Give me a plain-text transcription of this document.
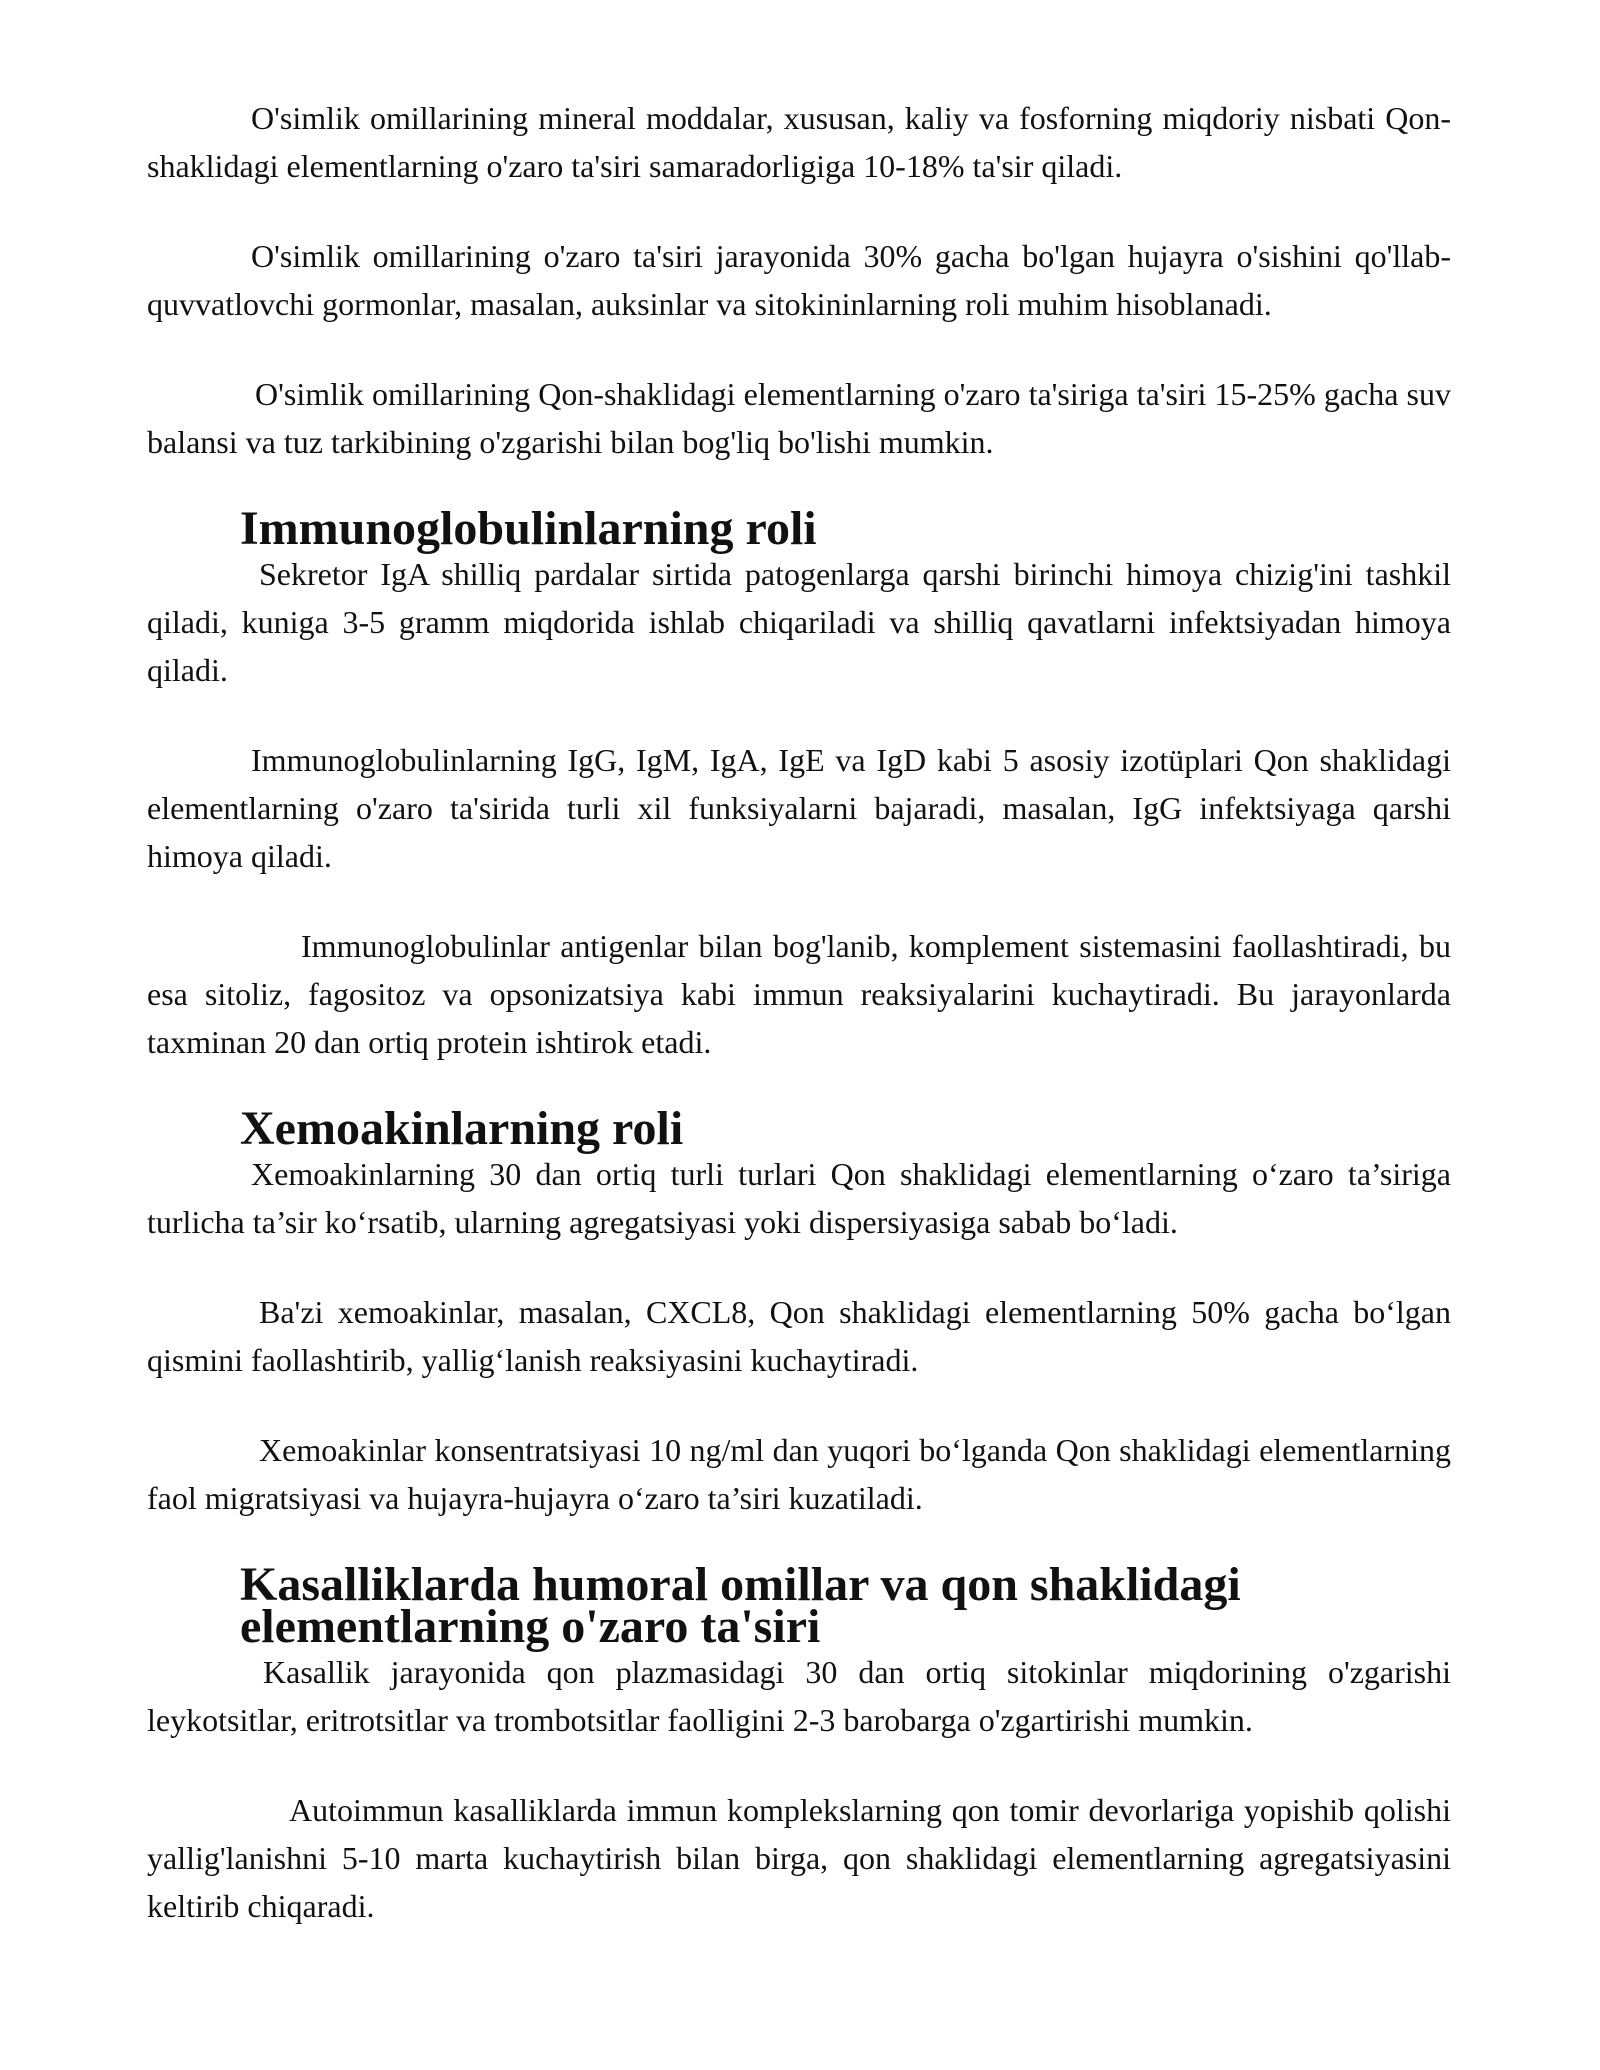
O'simlik omillarining mineral moddalar, xususan, kaliy va fosforning miqdoriy nisbati Qon-shaklidagi elementlarning o'zaro ta'siri samaradorligiga 10-18% ta'sir qiladi.

O'simlik omillarining o'zaro ta'siri jarayonida 30% gacha bo'lgan hujayra o'sishini qo'llab-quvvatlovchi gormonlar, masalan, auksinlar va sitokininlarning roli muhim hisoblanadi.

O'simlik omillarining Qon-shaklidagi elementlarning o'zaro ta'siriga ta'siri 15-25% gacha suv balansi va tuz tarkibining o'zgarishi bilan bog'liq bo'lishi mumkin.

Immunoglobulinlarning roli

Sekretor IgA shilliq pardalar sirtida patogenlarga qarshi birinchi himoya chizig'ini tashkil qiladi, kuniga 3-5 gramm miqdorida ishlab chiqariladi va shilliq qavatlarni infektsiyadan himoya qiladi.

Immunoglobulinlarning IgG, IgM, IgA, IgE va IgD kabi 5 asosiy izotüplari Qon shaklidagi elementlarning o'zaro ta'sirida turli xil funksiyalarni bajaradi, masalan, IgG infektsiyaga qarshi himoya qiladi.

Immunoglobulinlar antigenlar bilan bog'lanib, komplement sistemasini faollashtiradi, bu esa sitoliz, fagositoz va opsonizatsiya kabi immun reaksiyalarini kuchaytiradi. Bu jarayonlarda taxminan 20 dan ortiq protein ishtirok etadi.

Xemoakinlarning roli

Xemoakinlarning 30 dan ortiq turli turlari Qon shaklidagi elementlarning o‘zaro ta’siriga turlicha ta’sir ko‘rsatib, ularning agregatsiyasi yoki dispersiyasiga sabab bo‘ladi.

Ba'zi xemoakinlar, masalan, CXCL8, Qon shaklidagi elementlarning 50% gacha bo‘lgan qismini faollashtirib, yallig‘lanish reaksiyasini kuchaytiradi.

Xemoakinlar konsentratsiyasi 10 ng/ml dan yuqori bo‘lganda Qon shaklidagi elementlarning faol migratsiyasi va hujayra-hujayra o‘zaro ta’siri kuzatiladi.

Kasalliklarda humoral omillar va qon shaklidagi elementlarning o'zaro ta'siri

Kasallik jarayonida qon plazmasidagi 30 dan ortiq sitokinlar miqdorining o'zgarishi leykotsitlar, eritrotsitlar va trombotsitlar faolligini 2-3 barobarga o'zgartirishi mumkin.

Autoimmun kasalliklarda immun komplekslarning qon tomir devorlariga yopishib qolishi yallig'lanishni 5-10 marta kuchaytirish bilan birga, qon shaklidagi elementlarning agregatsiyasini keltirib chiqaradi.
